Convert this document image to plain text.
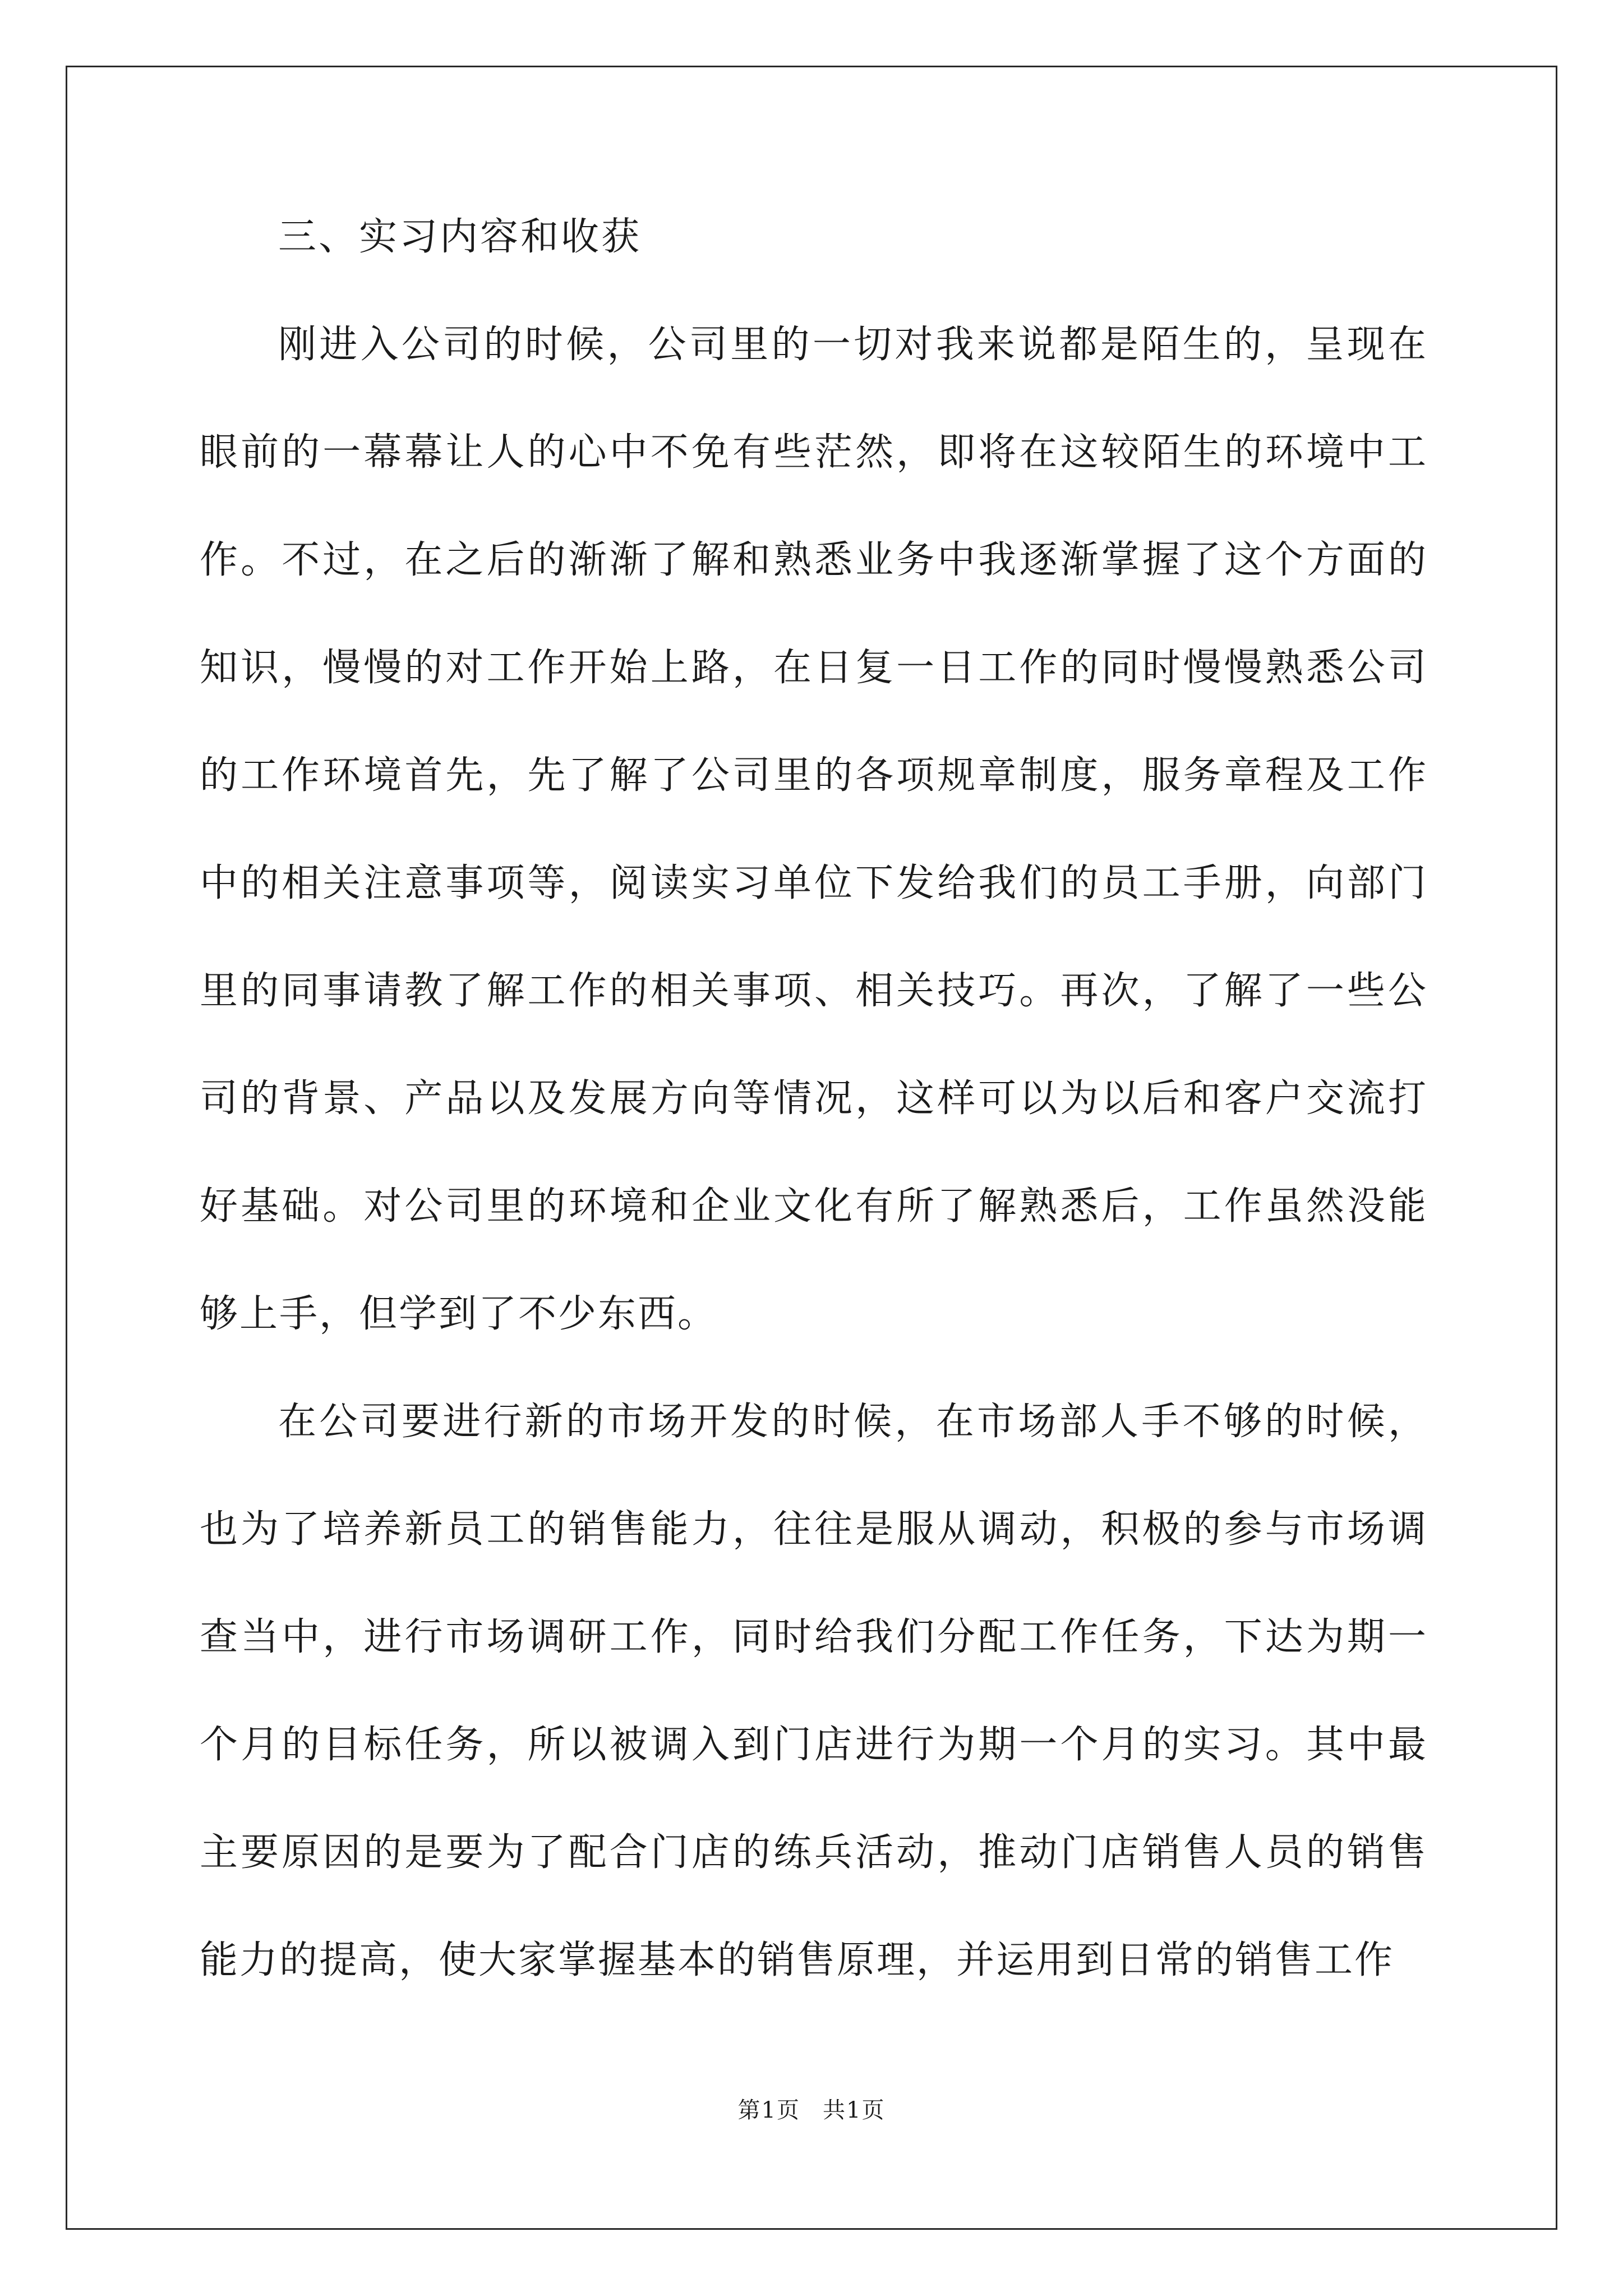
三、实习内容和收获

刚进入公司的时候，公司里的一切对我来说都是陌生的，呈现在眼前的一幕幕让人的心中不免有些茫然，即将在这较陌生的环境中工作。不过，在之后的渐渐了解和熟悉业务中我逐渐掌握了这个方面的知识，慢慢的对工作开始上路，在日复一日工作的同时慢慢熟悉公司的工作环境首先，先了解了公司里的各项规章制度，服务章程及工作中的相关注意事项等，阅读实习单位下发给我们的员工手册，向部门里的同事请教了解工作的相关事项、相关技巧。再次，了解了一些公司的背景、产品以及发展方向等情况，这样可以为以后和客户交流打好基础。对公司里的环境和企业文化有所了解熟悉后，工作虽然没能够上手，但学到了不少东西。

在公司要进行新的市场开发的时候，在市场部人手不够的时候，也为了培养新员工的销售能力，往往是服从调动，积极的参与市场调查当中，进行市场调研工作，同时给我们分配工作任务，下达为期一个月的目标任务，所以被调入到门店进行为期一个月的实习。其中最主要原因的是要为了配合门店的练兵活动，推动门店销售人员的销售能力的提高，使大家掌握基本的销售原理，并运用到日常的销售工作

第1页 共1页
